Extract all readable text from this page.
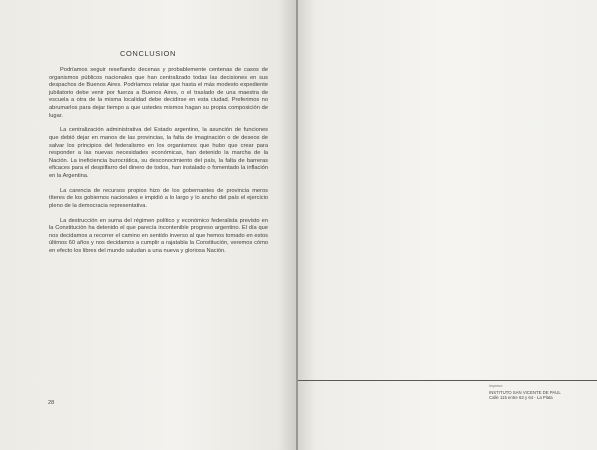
CONCLUSION

Podríamos seguir reseñando decenas y probablemente centenas de casos de organismos públicos nacionales que han centralizado todas las decisiones en sus despachos de Buenos Aires. Podríamos relatar que hasta el más modesto expediente jubilatorio debe venir por fuerza a Buenos Aires, o el traslado de una maestra de escuela a otra de la misma localidad debe decidirse en esta ciudad. Preferimos no abrumarlos para dejar tiempo a que ustedes mismos hagan su propia composición de lugar.

La centralización administrativa del Estado argentino, la asunción de funciones que debió dejar en manos de las provincias, la falta de imaginación o de deseos de salvar los principios del federalismo en los organismos que hubo que crear para responder a las nuevas necesidades económicas, han detenido la marcha de la Nación. La ineficiencia burocrática, su desconocimiento del país, la falta de barreras eficaces para el despilfarro del dinero de todos, han instalado o fomentado la inflación en la Argentina.

La carencia de recursos propios hizo de los gobernantes de provincia meros títeres de los gobiernos nacionales e impidió a lo largo y lo ancho del país el ejercicio pleno de la democracia representativa.

La destrucción en suma del régimen político y económico federalista previsto en la Constitución ha detenido el que parecía incontenible progreso argentino. El día que nos decidamos a recorrer el camino en sentido inverso al que hemos tomado en estos últimos 60 años y nos decidamos a cumplir a rajatabla la Constitución, veremos cómo en efecto los libres del mundo saludan a una nueva y gloriosa Nación.

28
Impreso:
INSTITUTO SAN VICENTE DE PAUL
Calle 115 entre 63 y 64 - La Plata
